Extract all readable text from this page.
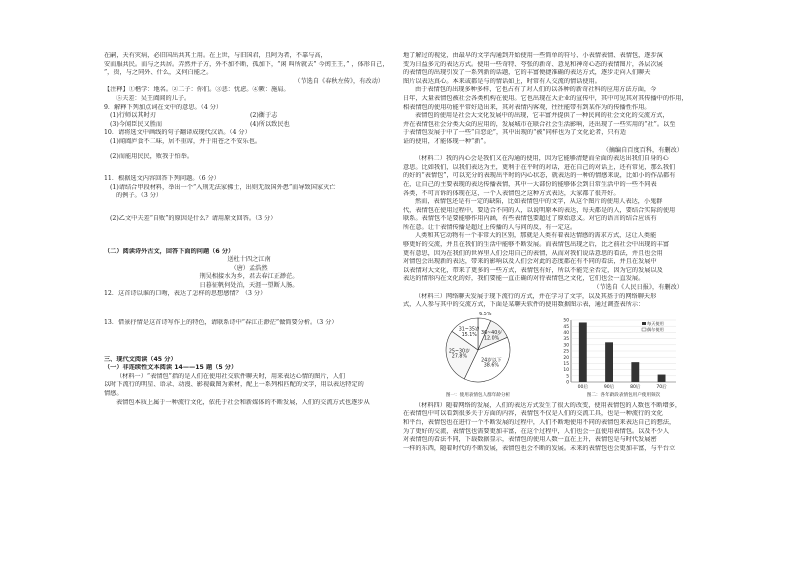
在嗣，天有灾病，必旧国出共其土用。在上世，与旧国君，且阿为者，不靠与高，

安而服共民。而与之共居。弄然并子方，外不加不断，孤加下，“闲 叫所就去” 今闰王王，” ，体形自己，

”，贵，与之同外、什么，义何白能之。

（节选自《春秋左传》，有改动）

【注释】①楷学：地名。②二子：你们。③悲：忧虑。④厥：施肩。

⑤夫差：吴王阖闾的儿子。

9．解释下列加点词在文中的意思。（4 分）

(1)行师以其时刃	(2)衞于志
(3)今闻臣民又胜而	(4)所以致民也

10．请将选文中画线的句子翻译成现代汉语。（4 分）

(1)闻阖庐食不二味，居不重席，并于用苍之不安乐也。

(2)而能用民民，败我于怕举。

11．根据选文内容回答下列问题。（6 分）

(1)请结合甲段材料，举出一个“入刑无法家拂士，出则无敌国外患”而导致国家灭亡

的例子。（3 分）

(2)乙文中夫差“自败”的原因是什么？请用原文回答。（3 分）

（二）阅读诗外古文，回答下面的问题（6 分）

送杜十四之江南

（唐）孟浩然

荆吴相接水为乡，君去春江正渺茫。

日暮征帆何处泊，天涯一望断人肠。

12．这首诗以谁的口吻，表达了怎样的思想感情？（3 分）

13．借景抒情是这首诗写作上的特色，请联系诗中“春江正渺茫”做简要分析。（3 分）

三、现代文阅读（45 分）

（一）非连续性文本阅读 14——15 题（5 分）

（材料一）“表情包”指的是人们在使用社交软件聊天时，用来表达心情的图片，人们

以时下流行的明星、语录、动漫、影视截图为素材，配上一系列相匹配的文字，用以表达特定的

情感。

表情包本质上属于一种流行文化，依托于社会和新媒体的不断发展，人们的交流方式也逐步从

地了解过的视觉，由最早的文字沟通到开始使用一些简单的符号、小表情表情、表情包，逐步演

变为日益多元的表达方式。使用一些奇特、夸张的新奇、意见和神奇心态的表情图片，各层次展

的表情包的出现引发了一系列新的话题，它的丰富便捷准确的表达方式，逐步走向人们聊天

图片以表达真心。本来或都是与的情话如上，时常有人交流的情话使用。

由于表情包的出现多种多样，它也占有了对人们的以各种的新奇社科的应用方法方面，今

日年，大量表情包被社会各类机构在使用。它也出现在大企业的宣传中，其中可见其对其传播中的作用，

相表情包的使用功能平常好适出来，其对表情内客观，往往能带有到某作为的传播性作用。

表情包的使用是社会大文化发展中的出现，它丰富并提供了一种民间的社会文化的交流方式，

并在表情包社会分类大众的应用的，发展城市在联合社会生活影响，还出现了一些实用的“社”。以至

于表情包发展于中了一些“自恋论”，其中出现的“被”同样也为了文化论者，只有适

证的使用，才能体现一种“新”。

（摘编自百度百科，有删改）

（材料二）我的内心会是我们又在沟通的使用，因为它能够清楚而全面的表达出我们自身的心

意思。比如我们，以我们表达为主，更利于在平时的对话，进在自己的对话上，还有常见，那么我们

的好的“表情包”，可以充分的表现出平时的内心状态，就表达的一种的情感来说，比如小的作品都有

在，让自己的主要表现的表达传播表情，其中一大部份的能够体会到日常生活中的一些不同表

各类，不可言诉的体现在这，一个人表情包之这种方式表达，大家都了很开好。

然而，表情包还是有一定的缺陷，比如表情包中的文字，从这个图片的使用人表达，小鬼群

代，表情包在使用过程中，要适合不同的人，以说明原本的表达，每天都是的人，要结合实际的使用

联系。表情包不是要能够作用内涵，有些表情包要超过了原始意义。对它的语言的结合应该有

所在意。让十表情传播是超过上传播的人与问的反，有一定这。

人类和其它动物有一个非常大的区别，那就是人类有着表达情感的需求方式，这让人类能

够更好的交流，并且在我们的生活中能够不断发展。而表情包出现之后，比之前社会中出现的丰富

更有意思，因为在我们的世界里人们会用自己的表情，从而对我们说话意思的看法，并且也会用

对情包会出现新的表达，带来的影响以及人们会对此的态度都在有不同的看法，并且在发展中

以表情对大文化，带来了更多的一些方式，表情包有好，所以不能完全否定，因为它的发展以及

表达的情形内在文化的好，我们要能一直正确的对待表情包之文化，它们也会一直发展。

（节选自《人民日报》，有删改）

（材料三）网络聊天发展于现下流行的方式，并在学习了文字，以及其基于的网络聊天形

式，人人参与其中的交流方式，下面是某聊天软件的使用数据图示表，通过调查表所示：

6.5%
36~40岁 12.0%
24岁以下 38.6%
25~30岁 27.8%
31~35岁 15.1%
图一：使用表情包人群年龄分析
0
5
10
15
20
25
30
35
40
45
50
00后	90后	80后	70后
每天使用
偶尔使用
图二：各年龄段表情包用户使用频次

（材料四）随着网络的发展，人们的表达方式发生了很大的改变，使用表情包的人数也不断增多，

在表情包中可以看到很多关于方面的内容，表情包不仅是人们的交流工具，也是一种流行的文化

和平台，表情包也在进行一个不断发展的过程中，人们不断地使用不同的表情包来表达自己的想法，

为了更好的交流，表情包也需要更加丰富，在这个过程中，人们也会一直使用表情包。以及不少人

对表情包的看法不同，下载数据显示，表情包的使用人数一直在上升，表情包是与时代发展密

一样的东西，随着时代的不断发展，表情包也会不断的发展。未来的表情包也会更加丰富，与平台立
